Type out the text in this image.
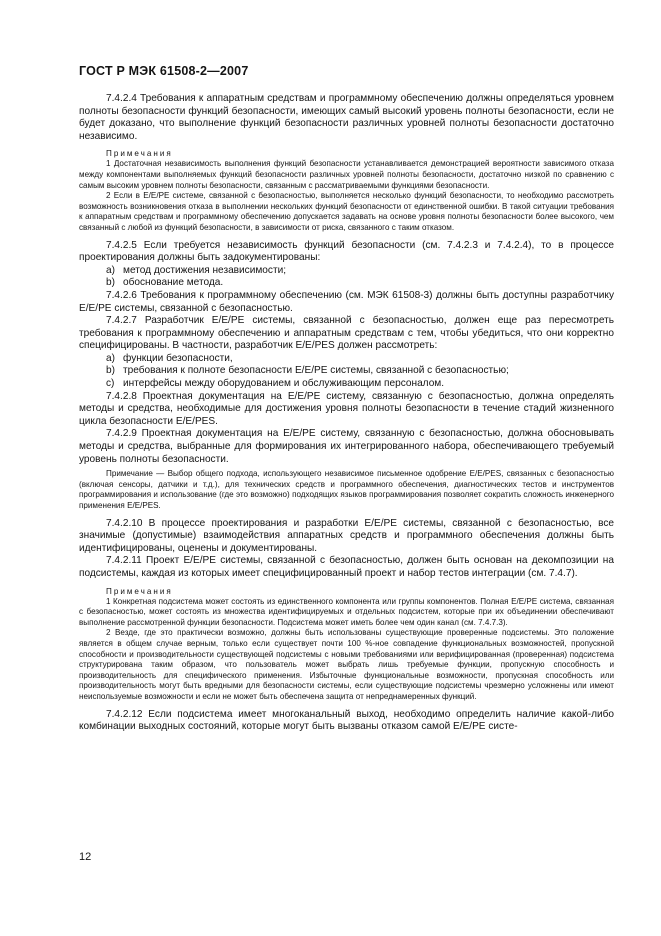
ГОСТ Р МЭК 61508-2—2007

7.4.2.4 Требования к аппаратным средствам и программному обеспечению должны определяться уровнем полноты безопасности функций безопасности, имеющих самый высокий уровень полноты безопасности, если не будет доказано, что выполнение функций безопасности различных уровней полноты безопасности достаточно независимо.

Примечания

1 Достаточная независимость выполнения функций безопасности устанавливается демонстрацией вероятности зависимого отказа между компонентами выполняемых функций безопасности различных уровней полноты безопасности, достаточно низкой по сравнению с самым высоким уровнем полноты безопасности, связанным с рассматриваемыми функциями безопасности.

2 Если в E/E/PE системе, связанной с безопасностью, выполняется несколько функций безопасности, то необходимо рассмотреть возможность возникновения отказа в выполнении нескольких функций безопасности от единственной ошибки. В такой ситуации требования к аппаратным средствам и программному обеспечению допускается задавать на основе уровня полноты безопасности более высокого, чем связанный с любой из функций безопасности, в зависимости от риска, связанного с таким отказом.

7.4.2.5 Если требуется независимость функций безопасности (см. 7.4.2.3 и 7.4.2.4), то в процессе проектирования должны быть задокументированы:

a) метод достижения независимости;
b) обоснование метода.

7.4.2.6 Требования к программному обеспечению (см. МЭК 61508-3) должны быть доступны разработчику E/E/PE системы, связанной с безопасностью.

7.4.2.7 Разработчик E/E/PE системы, связанной с безопасностью, должен еще раз пересмотреть требования к программному обеспечению и аппаратным средствам с тем, чтобы убедиться, что они корректно специфицированы. В частности, разработчик E/E/PES должен рассмотреть:

a) функции безопасности,
b) требования к полноте безопасности E/E/PE системы, связанной с безопасностью;
c) интерфейсы между оборудованием и обслуживающим персоналом.

7.4.2.8 Проектная документация на E/E/PE систему, связанную с безопасностью, должна определять методы и средства, необходимые для достижения уровня полноты безопасности в течение стадий жизненного цикла безопасности E/E/PES.

7.4.2.9 Проектная документация на E/E/PE систему, связанную с безопасностью, должна обосновывать методы и средства, выбранные для формирования их интегрированного набора, обеспечивающего требуемый уровень полноты безопасности.

Примечание — Выбор общего подхода, использующего независимое письменное одобрение E/E/PES, связанных с безопасностью (включая сенсоры, датчики и т.д.), для технических средств и программного обеспечения, диагностических тестов и инструментов программирования и использование (где это возможно) подходящих языков программирования позволяет сократить сложность инженерного применения E/E/PES.

7.4.2.10 В процессе проектирования и разработки E/E/PE системы, связанной с безопасностью, все значимые (допустимые) взаимодействия аппаратных средств и программного обеспечения должны быть идентифицированы, оценены и документированы.

7.4.2.11 Проект E/E/PE системы, связанной с безопасностью, должен быть основан на декомпозиции на подсистемы, каждая из которых имеет специфицированный проект и набор тестов интеграции (см. 7.4.7).

Примечания

1 Конкретная подсистема может состоять из единственного компонента или группы компонентов. Полная E/E/PE система, связанная с безопасностью, может состоять из множества идентифицируемых и отдельных подсистем, которые при их объединении обеспечивают выполнение рассмотренной функции безопасности. Подсистема может иметь более чем один канал (см. 7.4.7.3).

2 Везде, где это практически возможно, должны быть использованы существующие проверенные подсистемы. Это положение является в общем случае верным, только если существует почти 100 %-ное совпадение функциональных возможностей, пропускной способности и производительности существующей подсистемы с новыми требованиями или верифицированная (проверенная) подсистема структурирована таким образом, что пользователь может выбрать лишь требуемые функции, пропускную способность и производительность для специфического применения. Избыточные функциональные возможности, пропускная способность или производительность могут быть вредными для безопасности системы, если существующие подсистемы чрезмерно усложнены или имеют неиспользуемые возможности и если не может быть обеспечена защита от непреднамеренных функций.

7.4.2.12 Если подсистема имеет многоканальный выход, необходимо определить наличие какой-либо комбинации выходных состояний, которые могут быть вызваны отказом самой E/E/PE систе-

12
